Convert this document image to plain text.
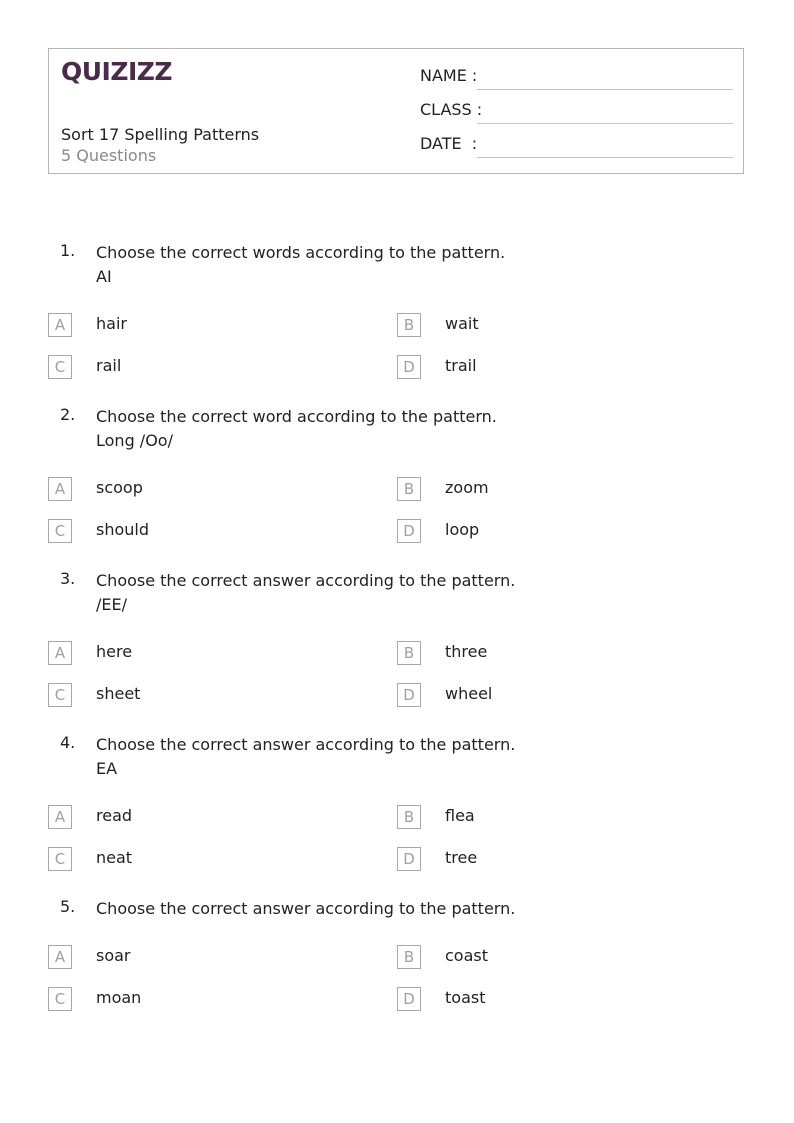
QUIZIZZ
Sort 17 Spelling Patterns
5 Questions
NAME :
CLASS :
DATE  :
1. Choose the correct words according to the pattern.
AI
A	hair	B	wait
C	rail	D	trail
2. Choose the correct word according to the pattern.
Long /Oo/
A	scoop	B	zoom
C	should	D	loop
3. Choose the correct answer according to the pattern.
/EE/
A	here	B	three
C	sheet	D	wheel
4. Choose the correct answer according to the pattern.
EA
A	read	B	flea
C	neat	D	tree
5. Choose the correct answer according to the pattern.
A	soar	B	coast
C	moan	D	toast
